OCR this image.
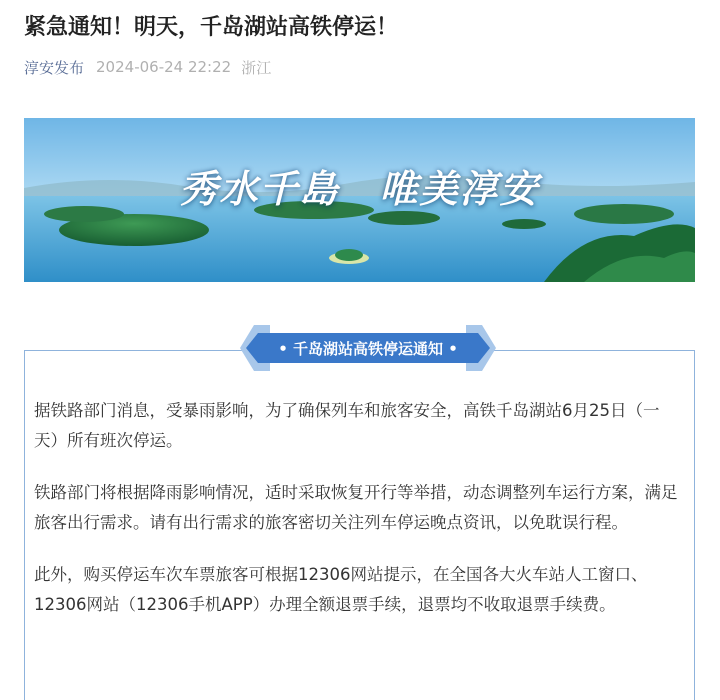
紧急通知！明天，千岛湖站高铁停运！
淳安发布 2024-06-24 22:22 浙江
秀水千島 唯美淳安
• 千岛湖站高铁停运通知 •

据铁路部门消息，受暴雨影响，为了确保列车和旅客安全，高铁千岛湖站6月25日（一天）所有班次停运。

铁路部门将根据降雨影响情况，适时采取恢复开行等举措，动态调整列车运行方案，满足旅客出行需求。请有出行需求的旅客密切关注列车停运晚点资讯，以免耽误行程。

此外，购买停运车次车票旅客可根据12306网站提示，在全国各大火车站人工窗口、12306网站（12306手机APP）办理全额退票手续，退票均不收取退票手续费。
